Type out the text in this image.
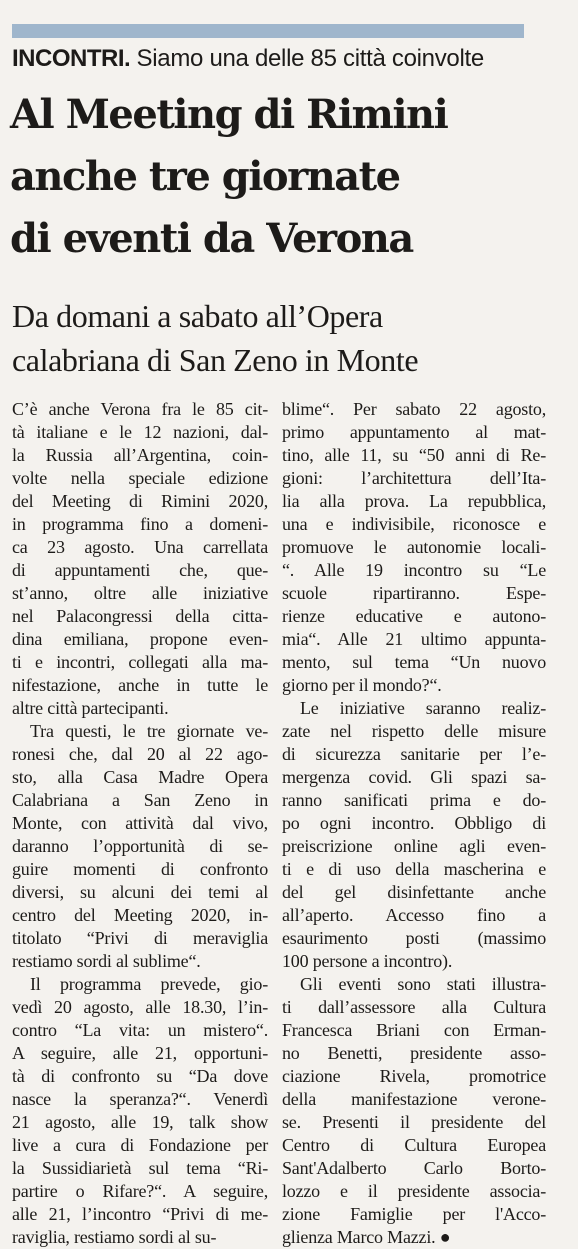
INCONTRI. Siamo una delle 85 città coinvolte
Al Meeting di Rimini
anche tre giornate
di eventi da Verona
Da domani a sabato all’Opera
calabriana di San Zeno in Monte
C’è anche Verona fra le 85 cit-
tà italiane e le 12 nazioni, dal-
la Russia all’Argentina, coin-
volte nella speciale edizione
del Meeting di Rimini 2020,
in programma fino a domeni-
ca 23 agosto. Una carrellata
di appuntamenti che, que-
st’anno, oltre alle iniziative
nel Palacongressi della citta-
dina emiliana, propone even-
ti e incontri, collegati alla ma-
nifestazione, anche in tutte le
altre città partecipanti.
Tra questi, le tre giornate ve-
ronesi che, dal 20 al 22 ago-
sto, alla Casa Madre Opera
Calabriana a San Zeno in
Monte, con attività dal vivo,
daranno l’opportunità di se-
guire momenti di confronto
diversi, su alcuni dei temi al
centro del Meeting 2020, in-
titolato “Privi di meraviglia
restiamo sordi al sublime“.
Il programma prevede, gio-
vedì 20 agosto, alle 18.30, l’in-
contro “La vita: un mistero“.
A seguire, alle 21, opportuni-
tà di confronto su “Da dove
nasce la speranza?“. Venerdì
21 agosto, alle 19, talk show
live a cura di Fondazione per
la Sussidiarietà sul tema “Ri-
partire o Rifare?“. A seguire,
alle 21, l’incontro “Privi di me-
raviglia, restiamo sordi al su-
blime“. Per sabato 22 agosto,
primo appuntamento al mat-
tino, alle 11, su “50 anni di Re-
gioni: l’architettura dell’Ita-
lia alla prova. La repubblica,
una e indivisibile, riconosce e
promuove le autonomie locali-
“. Alle 19 incontro su “Le
scuole ripartiranno. Espe-
rienze educative e autono-
mia“. Alle 21 ultimo appunta-
mento, sul tema “Un nuovo
giorno per il mondo?“.
Le iniziative saranno realiz-
zate nel rispetto delle misure
di sicurezza sanitarie per l’e-
mergenza covid. Gli spazi sa-
ranno sanificati prima e do-
po ogni incontro. Obbligo di
preiscrizione online agli even-
ti e di uso della mascherina e
del gel disinfettante anche
all’aperto. Accesso fino a
esaurimento posti (massimo
100 persone a incontro).
Gli eventi sono stati illustra-
ti dall’assessore alla Cultura
Francesca Briani con Erman-
no Benetti, presidente asso-
ciazione Rivela, promotrice
della manifestazione verone-
se. Presenti il presidente del
Centro di Cultura Europea
Sant'Adalberto Carlo Borto-
lozzo e il presidente associa-
zione Famiglie per l'Acco-
glienza Marco Mazzi. ●
